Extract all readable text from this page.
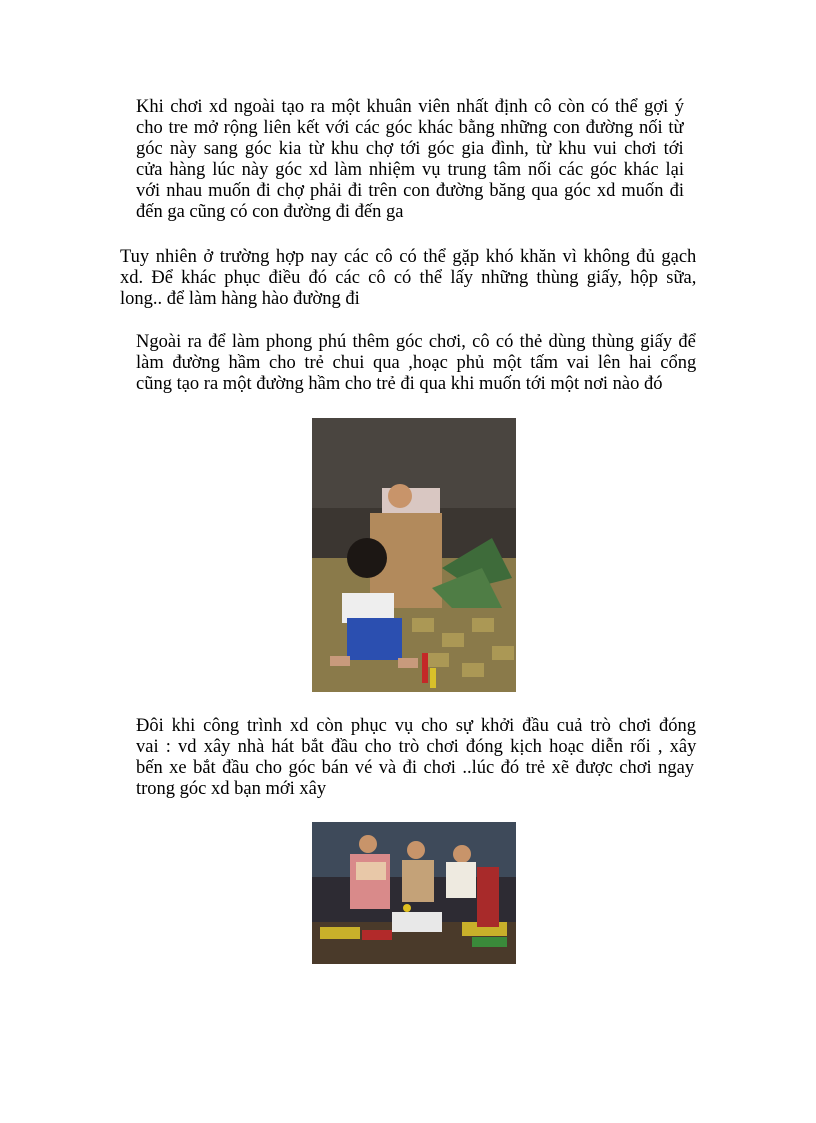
Khi chơi xd ngoài tạo ra một khuân viên nhất định cô còn có thể gợi ý
cho tre mở rộng liên kết với các góc khác bằng những con đường nối từ
góc này sang góc kia từ khu chợ tới góc gia đình, từ khu vui chơi tới
cửa hàng lúc này góc xd làm nhiệm vụ trung tâm nối các góc khác lại
với nhau muốn đi chợ phải đi trên con đường băng qua góc xd muốn đi
đến ga cũng có con đường đi đến ga
Tuy nhiên ở trường hợp nay các cô có thể gặp khó khăn vì không đủ gạch
xd. Để khác phục điều đó các cô có thể lấy những thùng giấy, hộp sữa,
long.. để làm hàng hào đường đi
Ngoài ra để làm phong phú thêm góc chơi, cô có thẻ dùng thùng giấy để
làm đường hầm cho trẻ chui qua ,hoạc phủ một tấm vai lên hai cổng
cũng tạo ra một đường hầm cho trẻ đi qua khi muốn tới một nơi nào đó
Đôi khi công trình xd còn phục vụ cho sự khởi đầu cuả trò chơi đóng
vai : vd xây nhà hát bắt đầu cho trò chơi đóng kịch hoạc diễn rối , xây
bến xe bắt đầu cho góc bán vé và đi chơi ..lúc đó trẻ xẽ được chơi ngay
trong góc xd bạn mới xây
